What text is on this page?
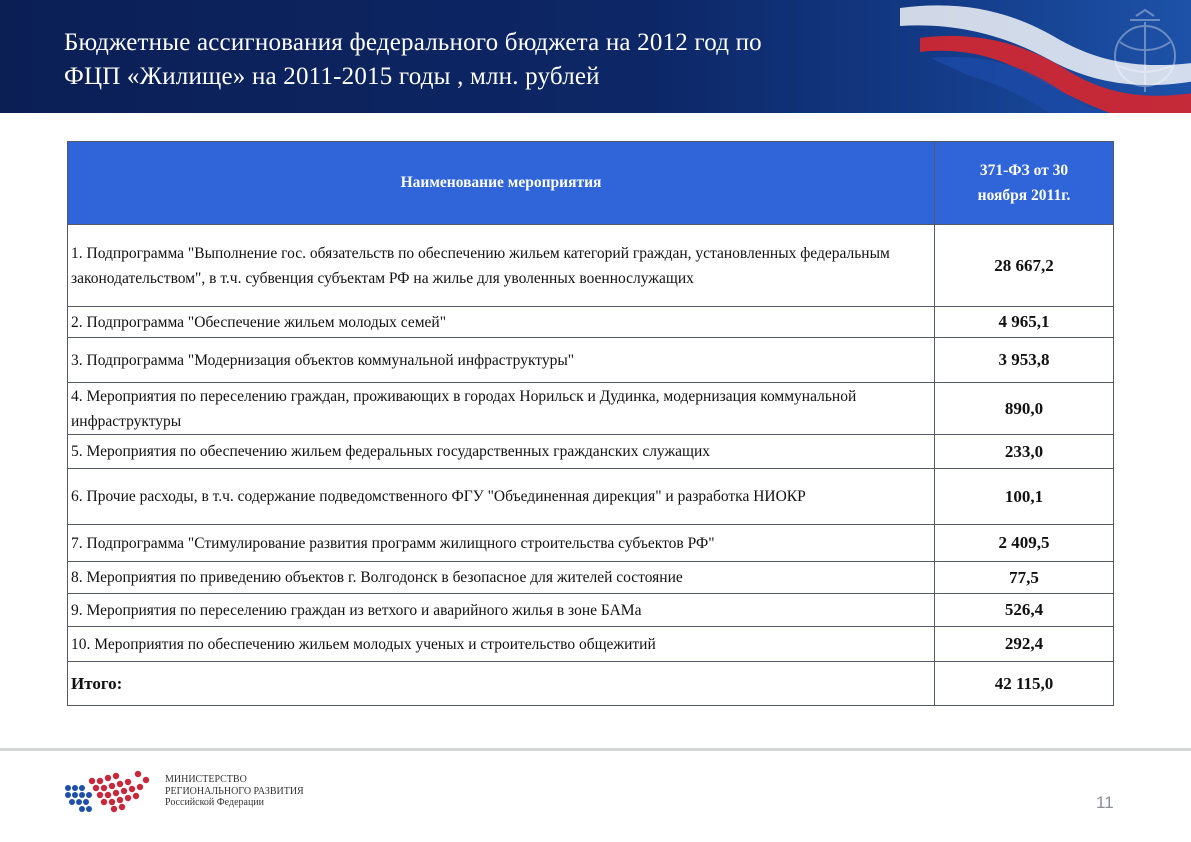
Бюджетные ассигнования федерального бюджета на 2012 год по
ФЦП «Жилище» на 2011-2015 годы , млн. рублей
Наименование мероприятия	371-ФЗ от 30
ноября 2011г.
1. Подпрограмма "Выполнение гос. обязательств по обеспечению жильем категорий граждан, установленных федеральным законодательством", в т.ч. субвенция субъектам РФ на жилье для уволенных военнослужащих	28 667,2
2. Подпрограмма "Обеспечение жильем молодых семей"	4 965,1
3. Подпрограмма "Модернизация объектов коммунальной инфраструктуры"	3 953,8
4. Мероприятия по переселению граждан, проживающих в городах Норильск и Дудинка, модернизация коммунальной инфраструктуры	890,0
5. Мероприятия по обеспечению жильем федеральных государственных гражданских служащих	233,0
6. Прочие расходы, в т.ч. содержание подведомственного ФГУ "Объединенная дирекция" и разработка НИОКР	100,1
7. Подпрограмма "Стимулирование развития программ жилищного строительства субъектов РФ"	2 409,5
8. Мероприятия по приведению объектов г. Волгодонск в безопасное для жителей состояние	77,5
9. Мероприятия по переселению граждан из ветхого и аварийного жилья в зоне БАМа	526,4
10. Мероприятия по обеспечению жильем молодых ученых и строительство общежитий	292,4
Итого:	42 115,0
МИНИСТЕРСТВО
РЕГИОНАЛЬНОГО РАЗВИТИЯ
Российской Федерации	11
